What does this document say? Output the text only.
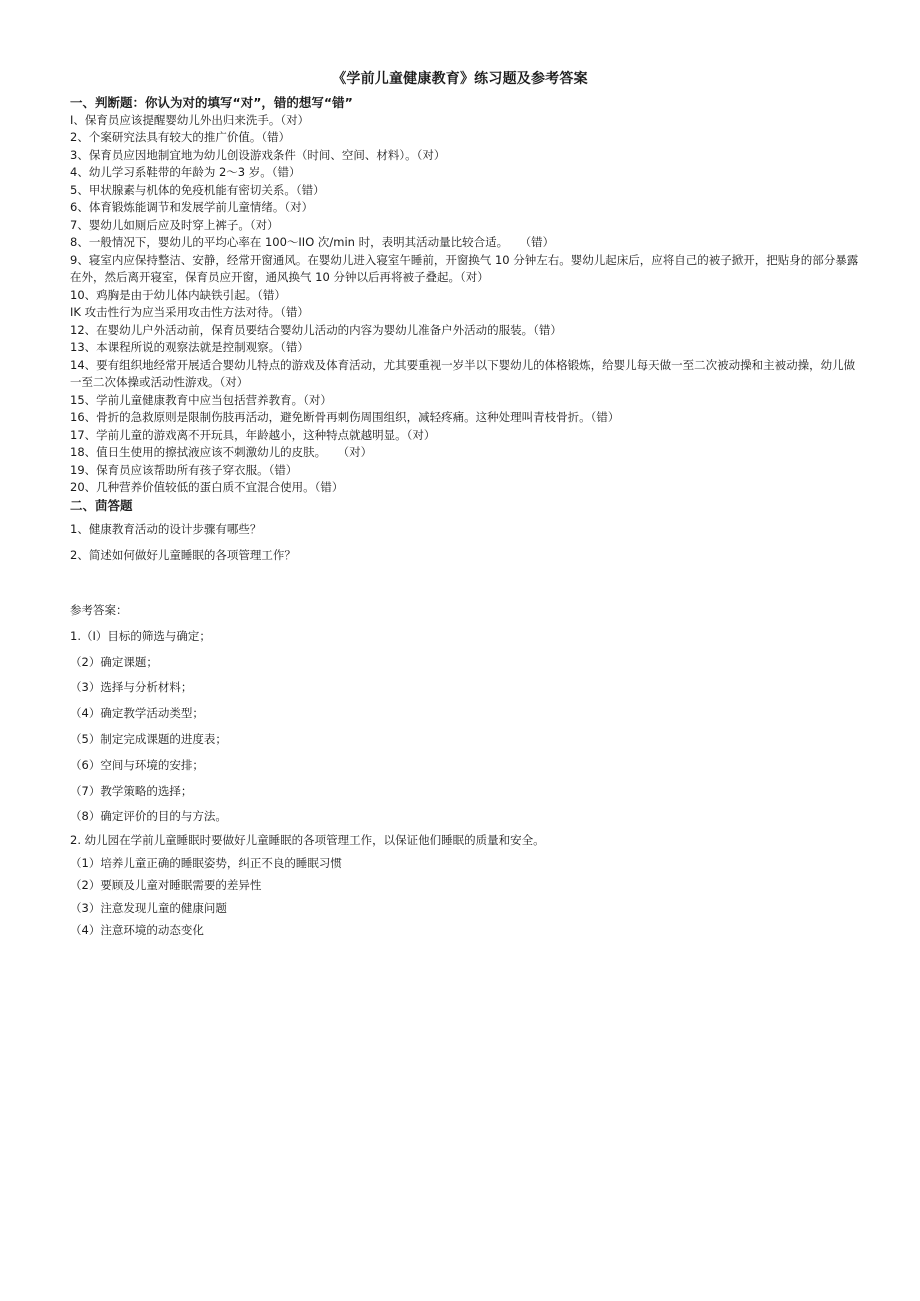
《学前儿童健康教育》练习题及参考答案
一、判断题：你认为对的填写“对”，错的想写“错”
I、保育员应该提醒婴幼儿外出归来洗手。（对）
2、个案研究法具有较大的推广价值。（错）
3、保育员应因地制宜地为幼儿创设游戏条件（时间、空间、材料）。（对）
4、幼儿学习系鞋带的年龄为 2〜3 岁。（错）
5、甲状腺素与机体的免疫机能有密切关系。（错）
6、体育锻炼能调节和发展学前儿童情绪。（对）
7、婴幼儿如厕后应及时穿上裤子。（对）
8、一般情况下，婴幼儿的平均心率在 100〜IIO 次/min 时，表明其活动量比较合适。　　（错）
9、寝室内应保持整洁、安静，经常开窗通风。在婴幼儿进入寝室午睡前，开窗换气 10 分钟左右。婴幼儿起床后，应将自己的被子掀开，把贴身的部分暴露在外，然后离开寝室，保育员应开窗，通风换气 10 分钟以后再将被子叠起。（对）
10、鸡胸是由于幼儿体内缺铁引起。（错）
IK 攻击性行为应当采用攻击性方法对待。（错）
12、在婴幼儿户外活动前，保育员要结合婴幼儿活动的内容为婴幼儿准备户外活动的服装。（错）
13、本课程所说的观察法就是控制观察。（错）
14、要有组织地经常开展适合婴幼儿特点的游戏及体育活动，尤其要重视一岁半以下婴幼儿的体格锻炼，给婴儿每天做一至二次被动操和主被动操，幼儿做一至二次体操或活动性游戏。（对）
15、学前儿童健康教育中应当包括营养教育。（对）
16、骨折的急救原则是限制伤肢再活动，避免断骨再刺伤周围组织，减轻疼痛。这种处理叫青枝骨折。（错）
17、学前儿童的游戏离不开玩具，年龄越小，这种特点就越明显。（对）
18、值日生使用的擦拭液应该不刺激幼儿的皮肤。　　（对）
19、保育员应该帮助所有孩子穿衣服。（错）
20、几种营养价值较低的蛋白质不宜混合使用。（错）
二、茴答题
1、健康教育活动的设计步骤有哪些？
2、简述如何做好儿童睡眠的各项管理工作？
参考答案：
1.（I）目标的筛选与确定；
（2）确定课题；
（3）选择与分析材料；
（4）确定教学活动类型；
（5）制定完成课题的进度表；
（6）空间与环境的安排；
（7）教学策略的选择；
（8）确定评价的目的与方法。
2. 幼儿园在学前儿童睡眠时要做好儿童睡眠的各项管理工作，以保证他们睡眠的质量和安全。
（1）培养儿童正确的睡眠姿势，纠正不良的睡眠习惯
（2）要顾及儿童对睡眠需要的差异性
（3）注意发现儿童的健康问题
（4）注意环境的动态变化
